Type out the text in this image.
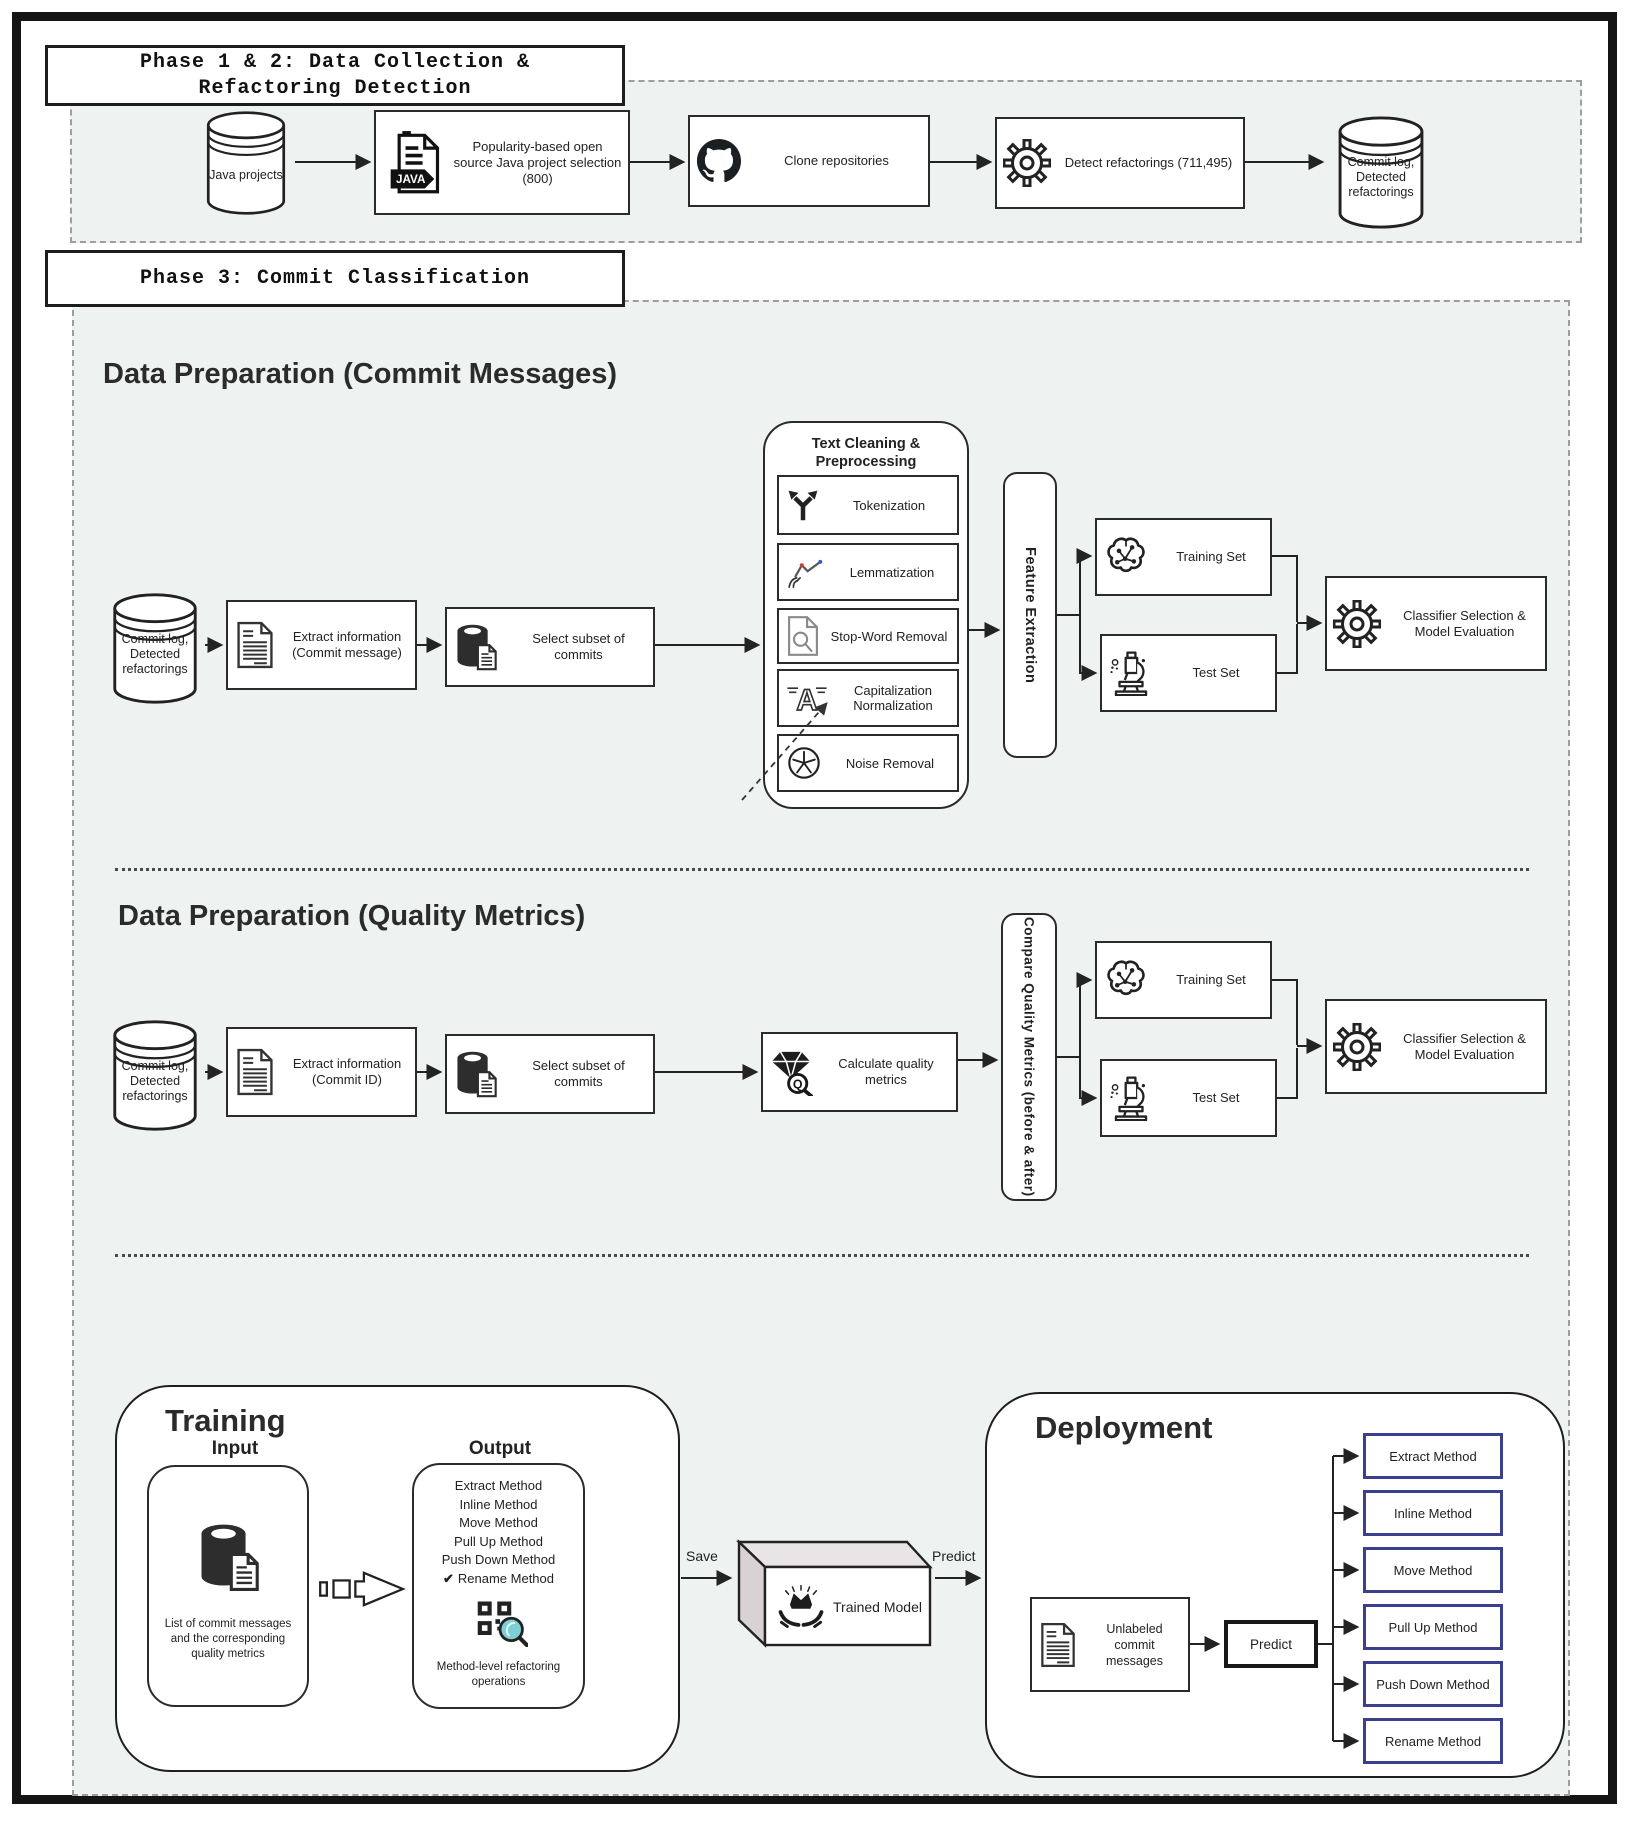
Phase 1 & 2: Data Collection &
Refactoring Detection
Java projects
Popularity-based open source Java project selection (800)
Clone repositories	Detect refactorings (711,495)	Commit log, Detected refactorings
Phase 3: Commit Classification
Data Preparation (Commit Messages)
Commit log, Detected refactorings
Extract information (Commit message)
Select subset of commits
Text Cleaning & Preprocessing
Tokenization
Lemmatization
Stop-Word Removal
Capitalization Normalization
Noise Removal
Feature Extraction	Training Set
Test Set
Classifier Selection & Model Evaluation
Data Preparation (Quality Metrics)
Commit log, Detected refactorings
Extract information (Commit ID)
Select subset of commits
Calculate quality metrics	Compare Quality Metrics (before & after)	Training Set
Test Set
Classifier Selection & Model Evaluation
Training
Input	Output
List of commit messages and the corresponding quality metrics
Extract Method
Inline Method
Move Method
Pull Up Method
Push Down Method
✔ Rename Method
Method-level refactoring operations
Save
Trained Model
Predict
Deployment
Unlabeled commit messages
Predict
Extract Method
Inline Method
Move Method
Pull Up Method
Push Down Method
Rename Method
